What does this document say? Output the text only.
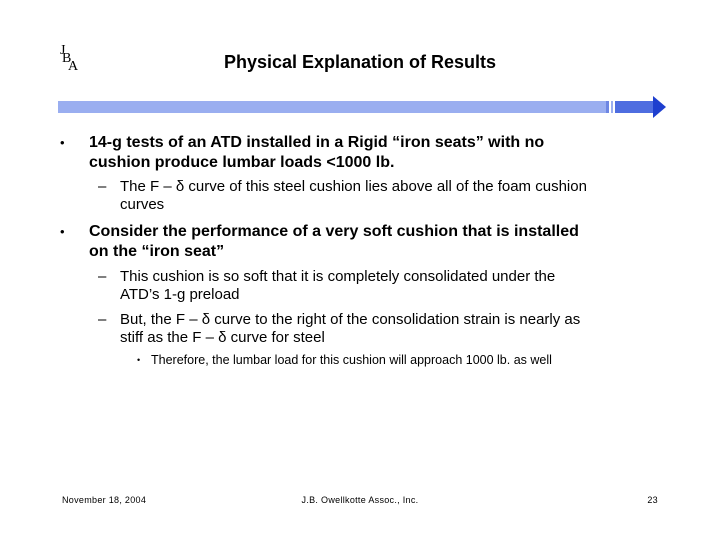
J
B
A	Physical Explanation of Results
• 14-g tests of an ATD installed in a Rigid “iron seats” with no
cushion produce lumbar loads <1000 lb.
– The F – δ curve of this steel cushion lies above all of the foam cushion
curves
• Consider the performance of a very soft cushion that is installed
on the “iron seat”
– This cushion is so soft that it is completely consolidated under the
ATD’s 1-g preload
– But, the F – δ curve to the right of the consolidation strain is nearly as
stiff as the F – δ curve for steel
• Therefore, the lumbar load for this cushion will approach 1000 lb. as well
November 18, 2004	J.B. Owellkotte Assoc., Inc.	23
